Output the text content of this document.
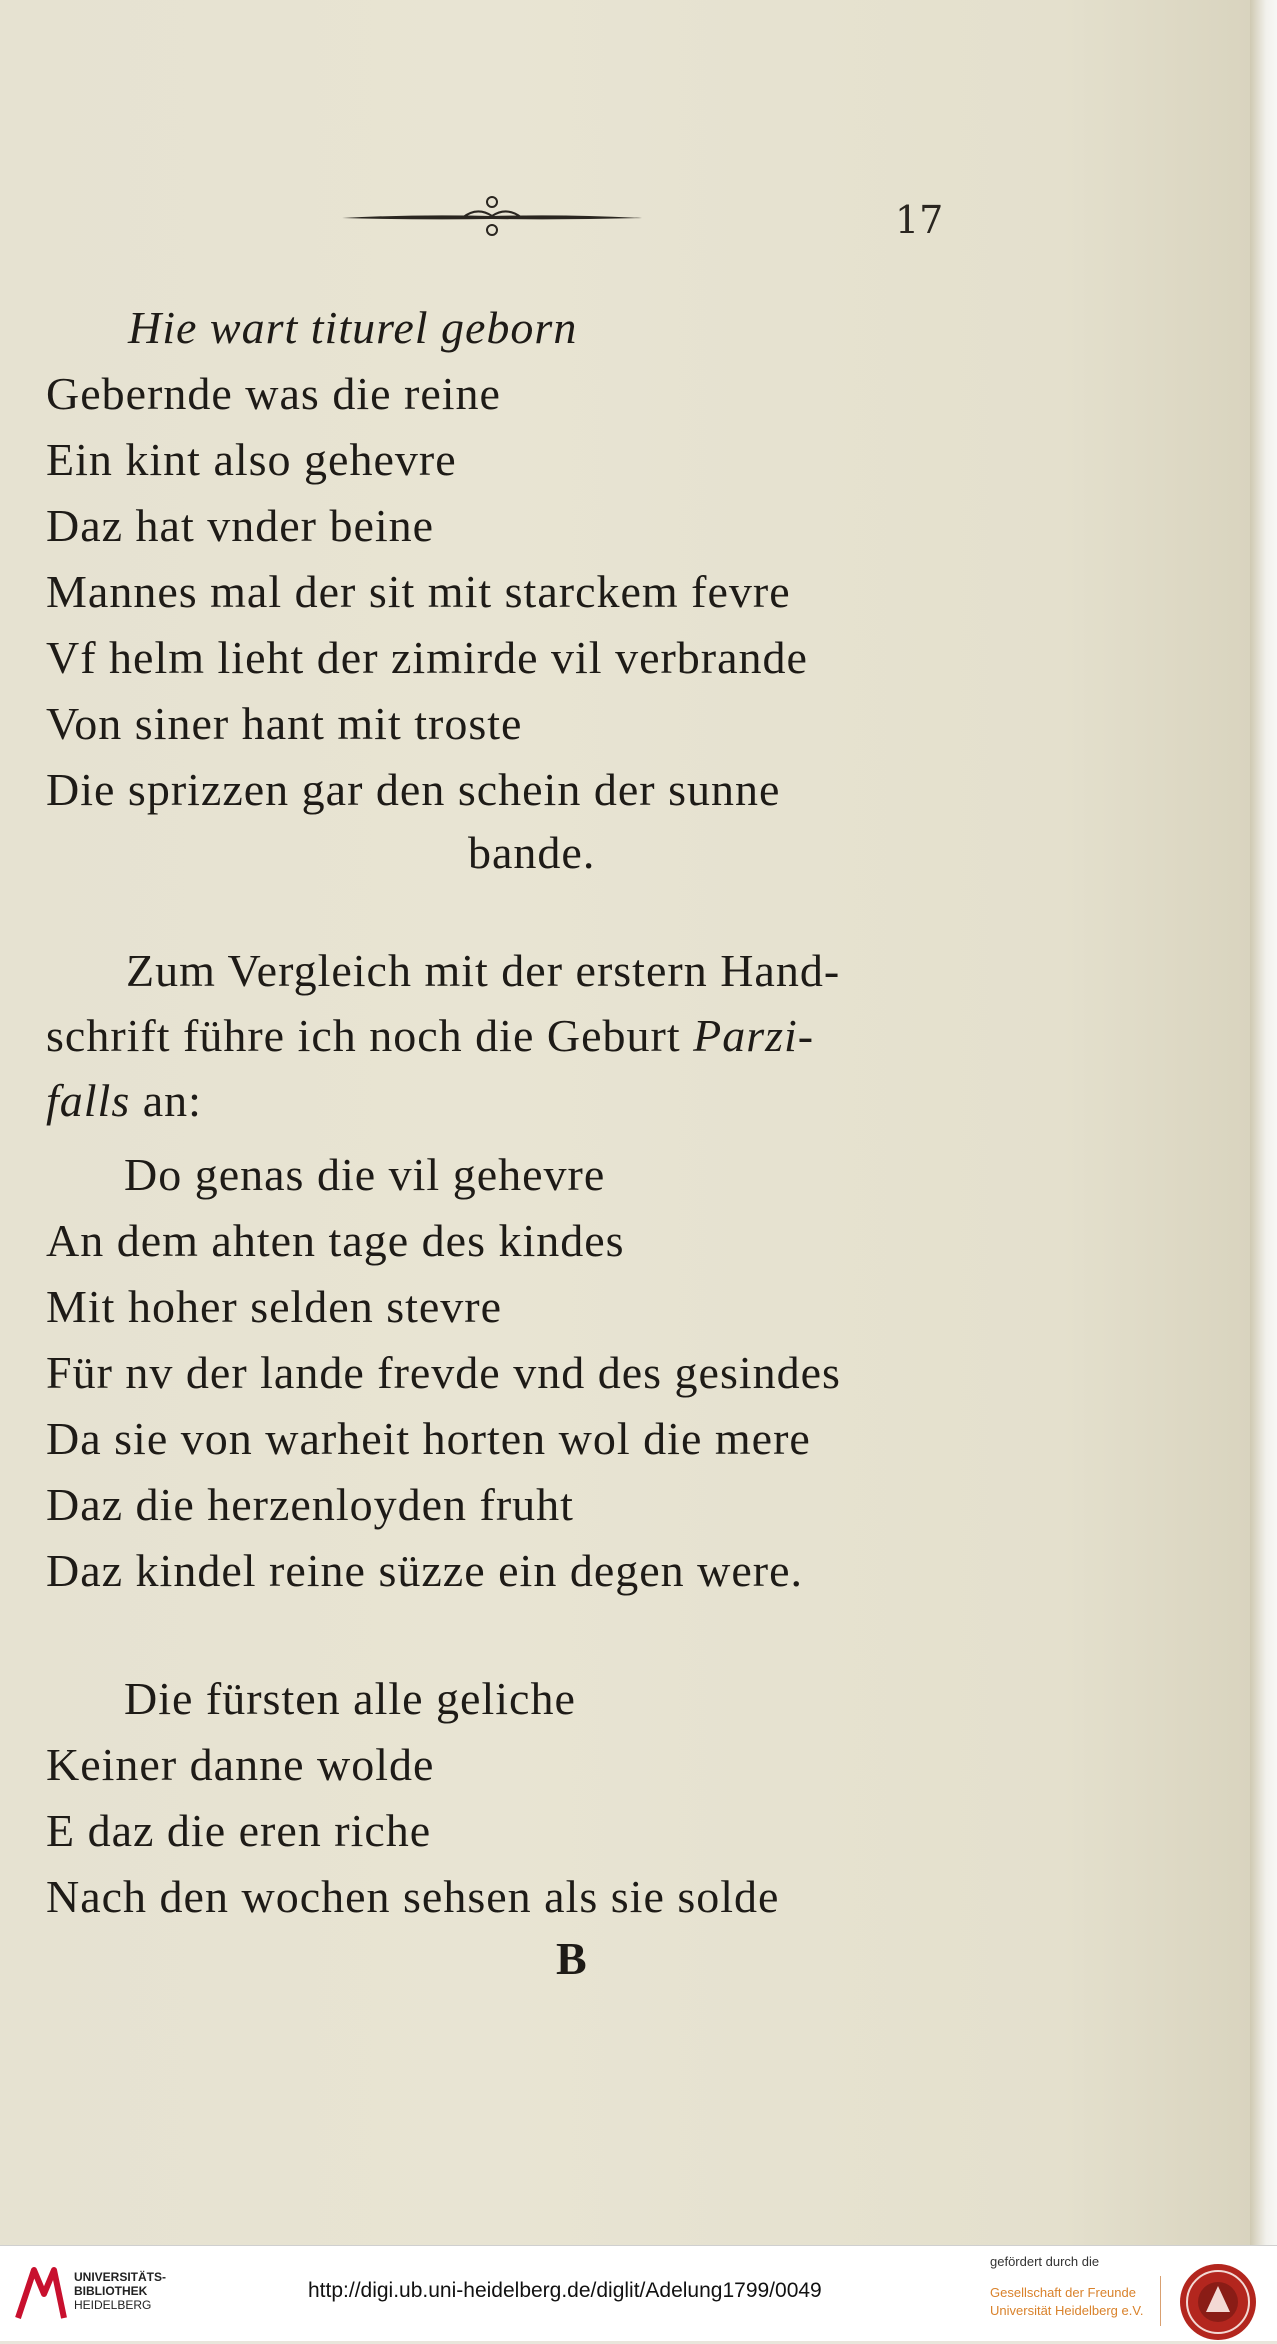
17
Hie wart titurel geborn
Gebernde was die reine
Ein kint also gehevre
Daz hat vnder beine
Mannes mal der sit mit starckem fevre
Vf helm lieht der zimirde vil verbrande
Von siner hant mit troste
Die sprizzen gar den schein der sunne
bande.
Zum Vergleich mit der erstern Hand-
schrift führe ich noch die Geburt Parzi-
falls an:
Do genas die vil gehevre
An dem ahten tage des kindes
Mit hoher selden stevre
Für nv der lande frevde vnd des gesindes
Da sie von warheit horten wol die mere
Daz die herzenloyden fruht
Daz kindel reine süzze ein degen were.
Die fürsten alle geliche
Keiner danne wolde
E daz die eren riche
Nach den wochen sehsen als sie solde
B
UNIVERSITÄTS-
BIBLIOTHEK
HEIDELBERG
http://digi.ub.uni-heidelberg.de/diglit/Adelung1799/0049
gefördert durch die
Gesellschaft der Freunde
Universität Heidelberg e.V.
